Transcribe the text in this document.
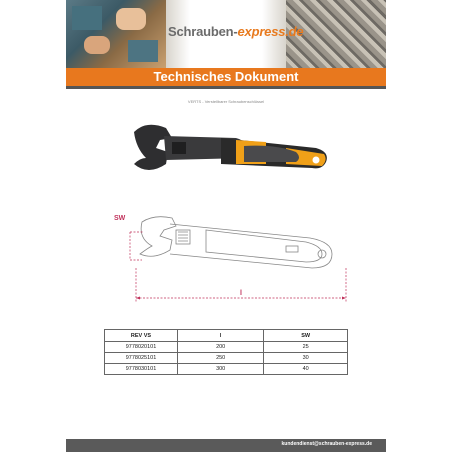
Schrauben-express.de
Technisches Dokument
VERTS - Verstellbarer Schraubenschlüssel
SW
l
REV VS	l	SW
9778020101	200	25
9778025101	250	30
9778030101	300	40
kundendienst@schrauben-express.de
